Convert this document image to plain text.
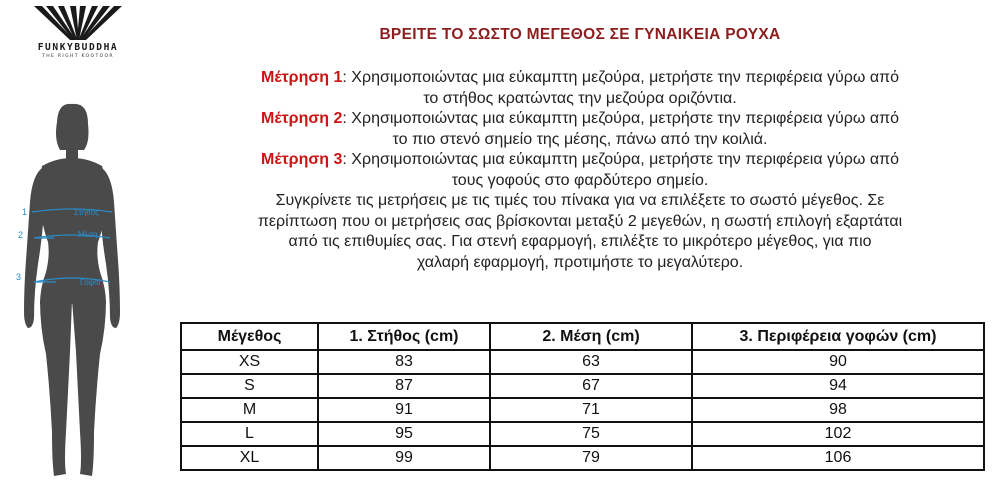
FUNKYBUDDHA
THE RIGHT KOOTOOR
1	Στήθος
2	Μέση
3
Γοφοί
ΒΡΕΙΤΕ ΤΟ ΣΩΣΤΟ ΜΕΓΕΘΟΣ ΣΕ ΓΥΝΑΙΚΕΙΑ ΡΟΥΧΑ

Μέτρηση 1: Χρησιμοποιώντας μια εύκαμπτη μεζούρα, μετρήστε την περιφέρεια γύρω από

το στήθος κρατώντας την μεζούρα οριζόντια.

Μέτρηση 2: Χρησιμοποιώντας μια εύκαμπτη μεζούρα, μετρήστε την περιφέρεια γύρω από

το πιο στενό σημείο της μέσης, πάνω από την κοιλιά.

Μέτρηση 3: Χρησιμοποιώντας μια εύκαμπτη μεζούρα, μετρήστε την περιφέρεια γύρω από

τους γοφούς στο φαρδύτερο σημείο.

Συγκρίνετε τις μετρήσεις με τις τιμές του πίνακα για να επιλέξετε το σωστό μέγεθος. Σε

περίπτωση που οι μετρήσεις σας βρίσκονται μεταξύ 2 μεγεθών, η σωστή επιλογή εξαρτάται

από τις επιθυμίες σας. Για στενή εφαρμογή, επιλέξτε το μικρότερο μέγεθος, για πιο

χαλαρή εφαρμογή, προτιμήστε το μεγαλύτερο.

Μέγεθος	1. Στήθος (cm)	2. Μέση (cm)	3. Περιφέρεια γοφών (cm)
XS	83	63	90
S	87	67	94
M	91	71	98
L	95	75	102
XL	99	79	106
